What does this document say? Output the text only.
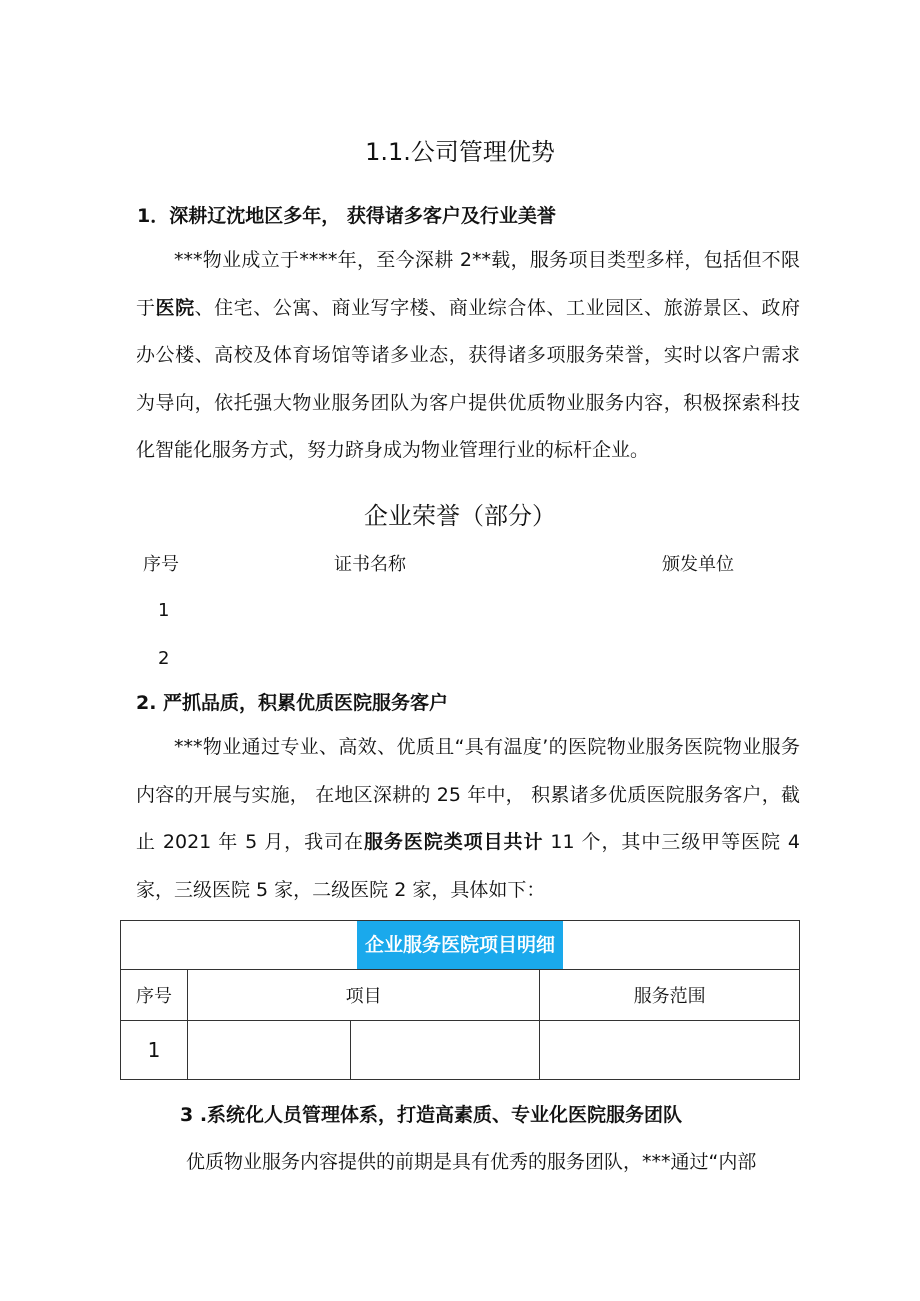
1.1.公司管理优势
1．深耕辽沈地区多年， 获得诸多客户及行业美誉
***物业成立于****年，至今深耕 2**载，服务项目类型多样，包括但不限于医院、住宅、公寓、商业写字楼、商业综合体、工业园区、旅游景区、政府办公楼、高校及体育场馆等诸多业态，获得诸多项服务荣誉，实时以客户需求为导向，依托强大物业服务团队为客户提供优质物业服务内容，积极探索科技化智能化服务方式，努力跻身成为物业管理行业的标杆企业。
企业荣誉（部分）
序号	证书名称	颁发单位
1
2
2. 严抓品质，积累优质医院服务客户
***物业通过专业、高效、优质且“具有温度’的医院物业服务医院物业服务内容的开展与实施， 在地区深耕的 25 年中， 积累诸多优质医院服务客户，截止 2021 年 5 月，我司在服务医院类项目共计 11 个，其中三级甲等医院 4 家，三级医院 5 家，二级医院 2 家，具体如下：
企业服务医院项目明细			
序号	项目		服务范围
1			
3 .系统化人员管理体系，打造高素质、专业化医院服务团队
优质物业服务内容提供的前期是具有优秀的服务团队，***通过“内部
